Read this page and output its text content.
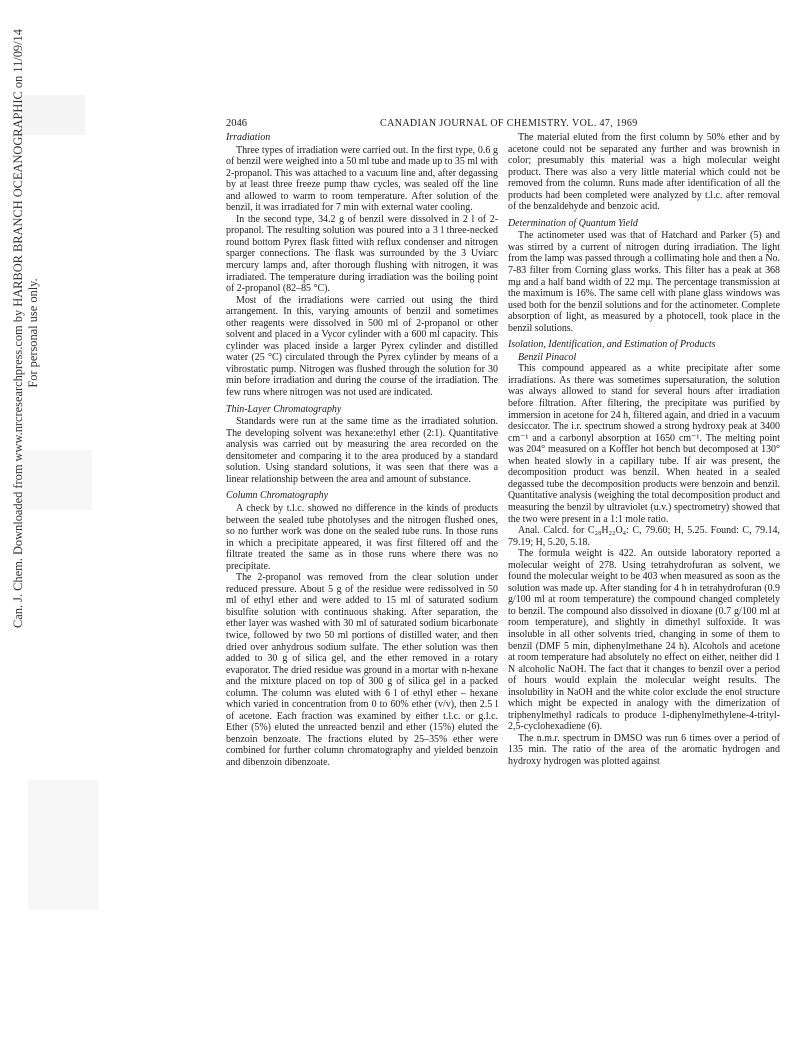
Can. J. Chem. Downloaded from www.nrcresearchpress.com by HARBOR BRANCH OCEANOGRAPHIC on 11/09/14
For personal use only.
2046	CANADIAN JOURNAL OF CHEMISTRY. VOL. 47, 1969
Irradiation

Three types of irradiation were carried out. In the first type, 0.6 g of benzil were weighed into a 50 ml tube and made up to 35 ml with 2-propanol. This was attached to a vacuum line and, after degassing by at least three freeze pump thaw cycles, was sealed off the line and allowed to warm to room temperature. After solution of the benzil, it was irradiated for 7 min with external water cooling.

In the second type, 34.2 g of benzil were dissolved in 2 l of 2-propanol. The resulting solution was poured into a 3 l three-necked round bottom Pyrex flask fitted with reflux condenser and nitrogen sparger connections. The flask was surrounded by the 3 Uviarc mercury lamps and, after thorough flushing with nitrogen, it was irradiated. The temperature during irradiation was the boiling point of 2-propanol (82–85 °C).

Most of the irradiations were carried out using the third arrangement. In this, varying amounts of benzil and sometimes other reagents were dissolved in 500 ml of 2-propanol or other solvent and placed in a Vycor cylinder with a 600 ml capacity. This cylinder was placed inside a larger Pyrex cylinder and distilled water (25 °C) circulated through the Pyrex cylinder by means of a vibrostatic pump. Nitrogen was flushed through the solution for 30 min before irradiation and during the course of the irradiation. The few runs where nitrogen was not used are indicated.

Thin-Layer Chromatography

Standards were run at the same time as the irradiated solution. The developing solvent was hexane:ethyl ether (2:1). Quantitative analysis was carried out by measuring the area recorded on the densitometer and comparing it to the area produced by a standard solution. Using standard solutions, it was seen that there was a linear relationship between the area and amount of substance.

Column Chromatography

A check by t.l.c. showed no difference in the kinds of products between the sealed tube photolyses and the nitrogen flushed ones, so no further work was done on the sealed tube runs. In those runs in which a precipitate appeared, it was first filtered off and the filtrate treated the same as in those runs where there was no precipitate.

The 2-propanol was removed from the clear solution under reduced pressure. About 5 g of the residue were redissolved in 50 ml of ethyl ether and were added to 15 ml of saturated sodium bisulfite solution with continuous shaking. After separation, the ether layer was washed with 30 ml of saturated sodium bicarbonate twice, followed by two 50 ml portions of distilled water, and then dried over anhydrous sodium sulfate. The ether solution was then added to 30 g of silica gel, and the ether removed in a rotary evaporator. The dried residue was ground in a mortar with n-hexane and the mixture placed on top of 300 g of silica gel in a packed column. The column was eluted with 6 l of ethyl ether – hexane which varied in concentration from 0 to 60% ether (v/v), then 2.5 l of acetone. Each fraction was examined by either t.l.c. or g.l.c. Ether (5%) eluted the unreacted benzil and ether (15%) eluted the benzoin benzoate. The fractions eluted by 25–35% ether were combined for further column chromatography and yielded benzoin and dibenzoin dibenzoate.

The material eluted from the first column by 50% ether and by acetone could not be separated any further and was brownish in color; presumably this material was a high molecular weight product. There was also a very little material which could not be removed from the column. Runs made after identification of all the products had been completed were analyzed by t.l.c. after removal of the benzaldehyde and benzoic acid.

Determination of Quantum Yield

The actinometer used was that of Hatchard and Parker (5) and was stirred by a current of nitrogen during irradiation. The light from the lamp was passed through a collimating hole and then a No. 7-83 filter from Corning glass works. This filter has a peak at 368 mμ and a half band width of 22 mμ. The percentage transmission at the maximum is 16%. The same cell with plane glass windows was used both for the benzil solutions and for the actinometer. Complete absorption of light, as measured by a photocell, took place in the benzil solutions.

Isolation, Identification, and Estimation of Products
Benzil Pinacol

This compound appeared as a white precipitate after some irradiations. As there was sometimes supersaturation, the solution was always allowed to stand for several hours after irradiation before filtration. After filtering, the precipitate was purified by immersion in acetone for 24 h, filtered again, and dried in a vacuum desiccator. The i.r. spectrum showed a strong hydroxy peak at 3400 cm⁻¹ and a carbonyl absorption at 1650 cm⁻¹. The melting point was 204° measured on a Koffler hot bench but decomposed at 130° when heated slowly in a capillary tube. If air was present, the decomposition product was benzil. When heated in a sealed degassed tube the decomposition products were benzoin and benzil. Quantitative analysis (weighing the total decomposition product and measuring the benzil by ultraviolet (u.v.) spectrometry) showed that the two were present in a 1:1 mole ratio.

Anal. Calcd. for C₂₈H₂₂O₄: C, 79.60; H, 5.25. Found: C, 79.14, 79.19; H, 5.20, 5.18.

The formula weight is 422. An outside laboratory reported a molecular weight of 278. Using tetrahydrofuran as solvent, we found the molecular weight to be 403 when measured as soon as the solution was made up. After standing for 4 h in tetrahydrofuran (0.9 g/100 ml at room temperature) the compound changed completely to benzil. The compound also dissolved in dioxane (0.7 g/100 ml at room temperature), and slightly in dimethyl sulfoxide. It was insoluble in all other solvents tried, changing in some of them to benzil (DMF 5 min, diphenylmethane 24 h). Alcohols and acetone at room temperature had absolutely no effect on either, neither did 1 N alcoholic NaOH. The fact that it changes to benzil over a period of hours would explain the molecular weight results. The insolubility in NaOH and the white color exclude the enol structure which might be expected in analogy with the dimerization of triphenylmethyl radicals to produce 1-diphenylmethylene-4-trityl-2,5-cyclohexadiene (6).

The n.m.r. spectrum in DMSO was run 6 times over a period of 135 min. The ratio of the area of the aromatic hydrogen and hydroxy hydrogen was plotted against
